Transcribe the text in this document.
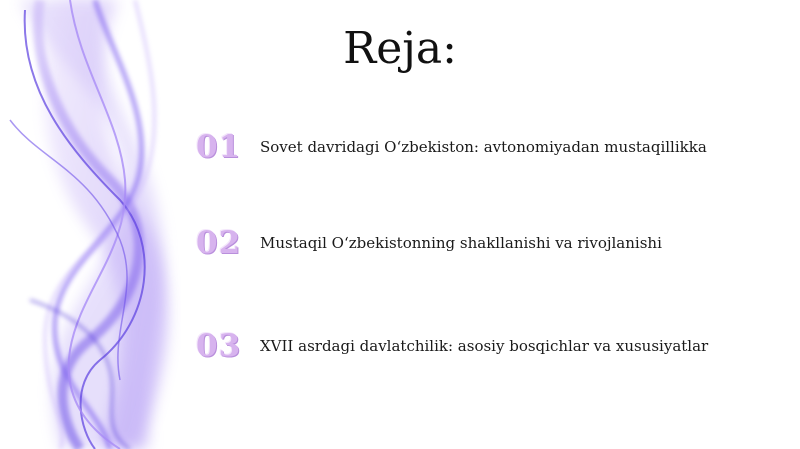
Reja:
01	Sovet davridagi O‘zbekiston: avtonomiyadan mustaqillikka
02	Mustaqil O‘zbekistonning shakllanishi va rivojlanishi
03	XVII asrdagi davlatchilik: asosiy bosqichlar va xususiyatlar
